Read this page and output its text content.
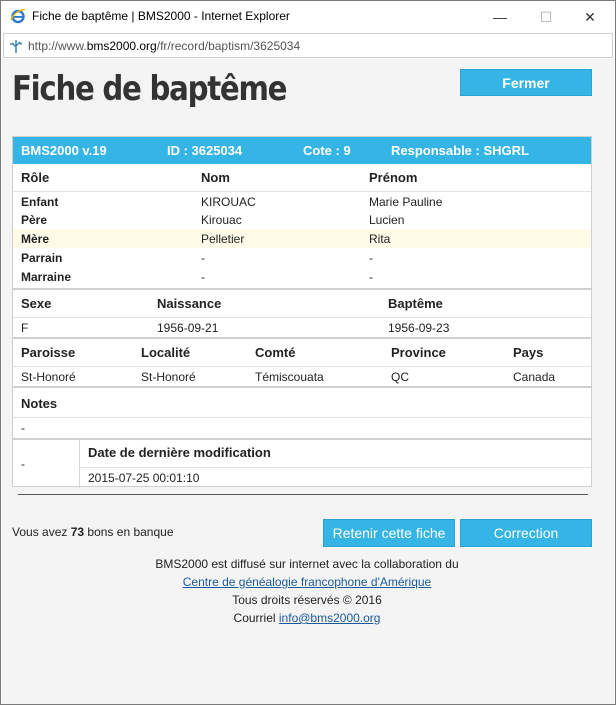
Fiche de baptême | BMS2000 - Internet Explorer	—	☐	✕
http://www.bms2000.org/fr/record/baptism/3625034
Fiche de baptême	Fermer
BMS2000 v.19	ID : 3625034	Cote : 9	Responsable : SHGRL
Rôle	Nom	Prénom
Enfant	KIROUAC	Marie Pauline
Père	Kirouac	Lucien
Mère	Pelletier	Rita
Parrain	-	-
Marraine	-	-
Sexe	Naissance	Baptême
F	1956-09-21	1956-09-23
Paroisse	Localité	Comté	Province	Pays
St-Honoré	St-Honoré	Témiscouata	QC	Canada
Notes
-
-
Date de dernière modification
2015-07-25 00:01:10
Vous avez 73 bons en banque	Retenir cette fiche	Correction
BMS2000 est diffusé sur internet avec la collaboration du
Centre de généalogie francophone d'Amérique
Tous droits réservés © 2016
Courriel info@bms2000.org
